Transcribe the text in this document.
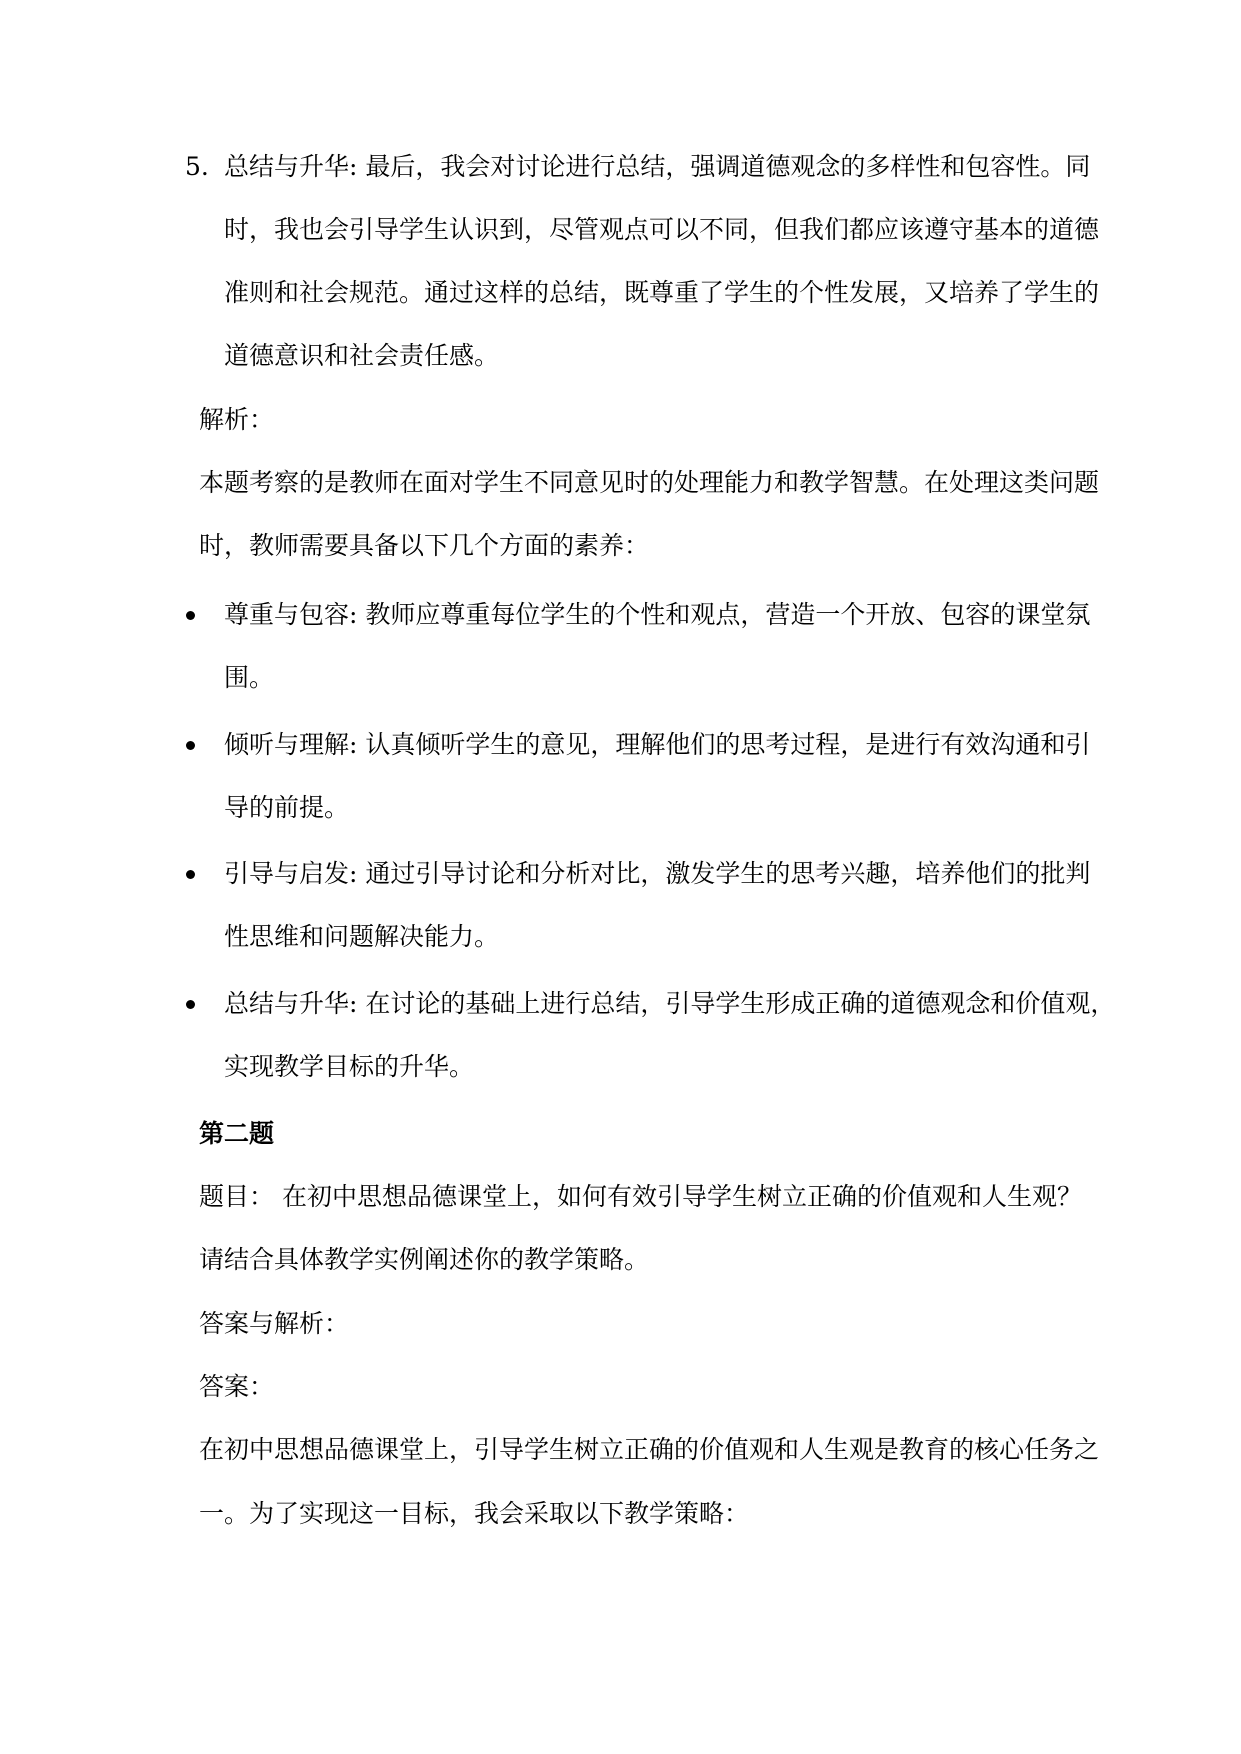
5. 总结与升华: 最后，我会对讨论进行总结，强调道德观念的多样性和包容性。同
时，我也会引导学生认识到，尽管观点可以不同，但我们都应该遵守基本的道德
准则和社会规范。通过这样的总结，既尊重了学生的个性发展，又培养了学生的
道德意识和社会责任感。
解析：
本题考察的是教师在面对学生不同意见时的处理能力和教学智慧。在处理这类问题
时，教师需要具备以下几个方面的素养：
尊重与包容: 教师应尊重每位学生的个性和观点，营造一个开放、包容的课堂氛
围。
倾听与理解: 认真倾听学生的意见，理解他们的思考过程，是进行有效沟通和引
导的前提。
引导与启发: 通过引导讨论和分析对比，激发学生的思考兴趣，培养他们的批判
性思维和问题解决能力。
总结与升华: 在讨论的基础上进行总结，引导学生形成正确的道德观念和价值观，
实现教学目标的升华。
第二题
题目： 在初中思想品德课堂上，如何有效引导学生树立正确的价值观和人生观？
请结合具体教学实例阐述你的教学策略。
答案与解析：
答案：
在初中思想品德课堂上，引导学生树立正确的价值观和人生观是教育的核心任务之
一。为了实现这一目标，我会采取以下教学策略：
